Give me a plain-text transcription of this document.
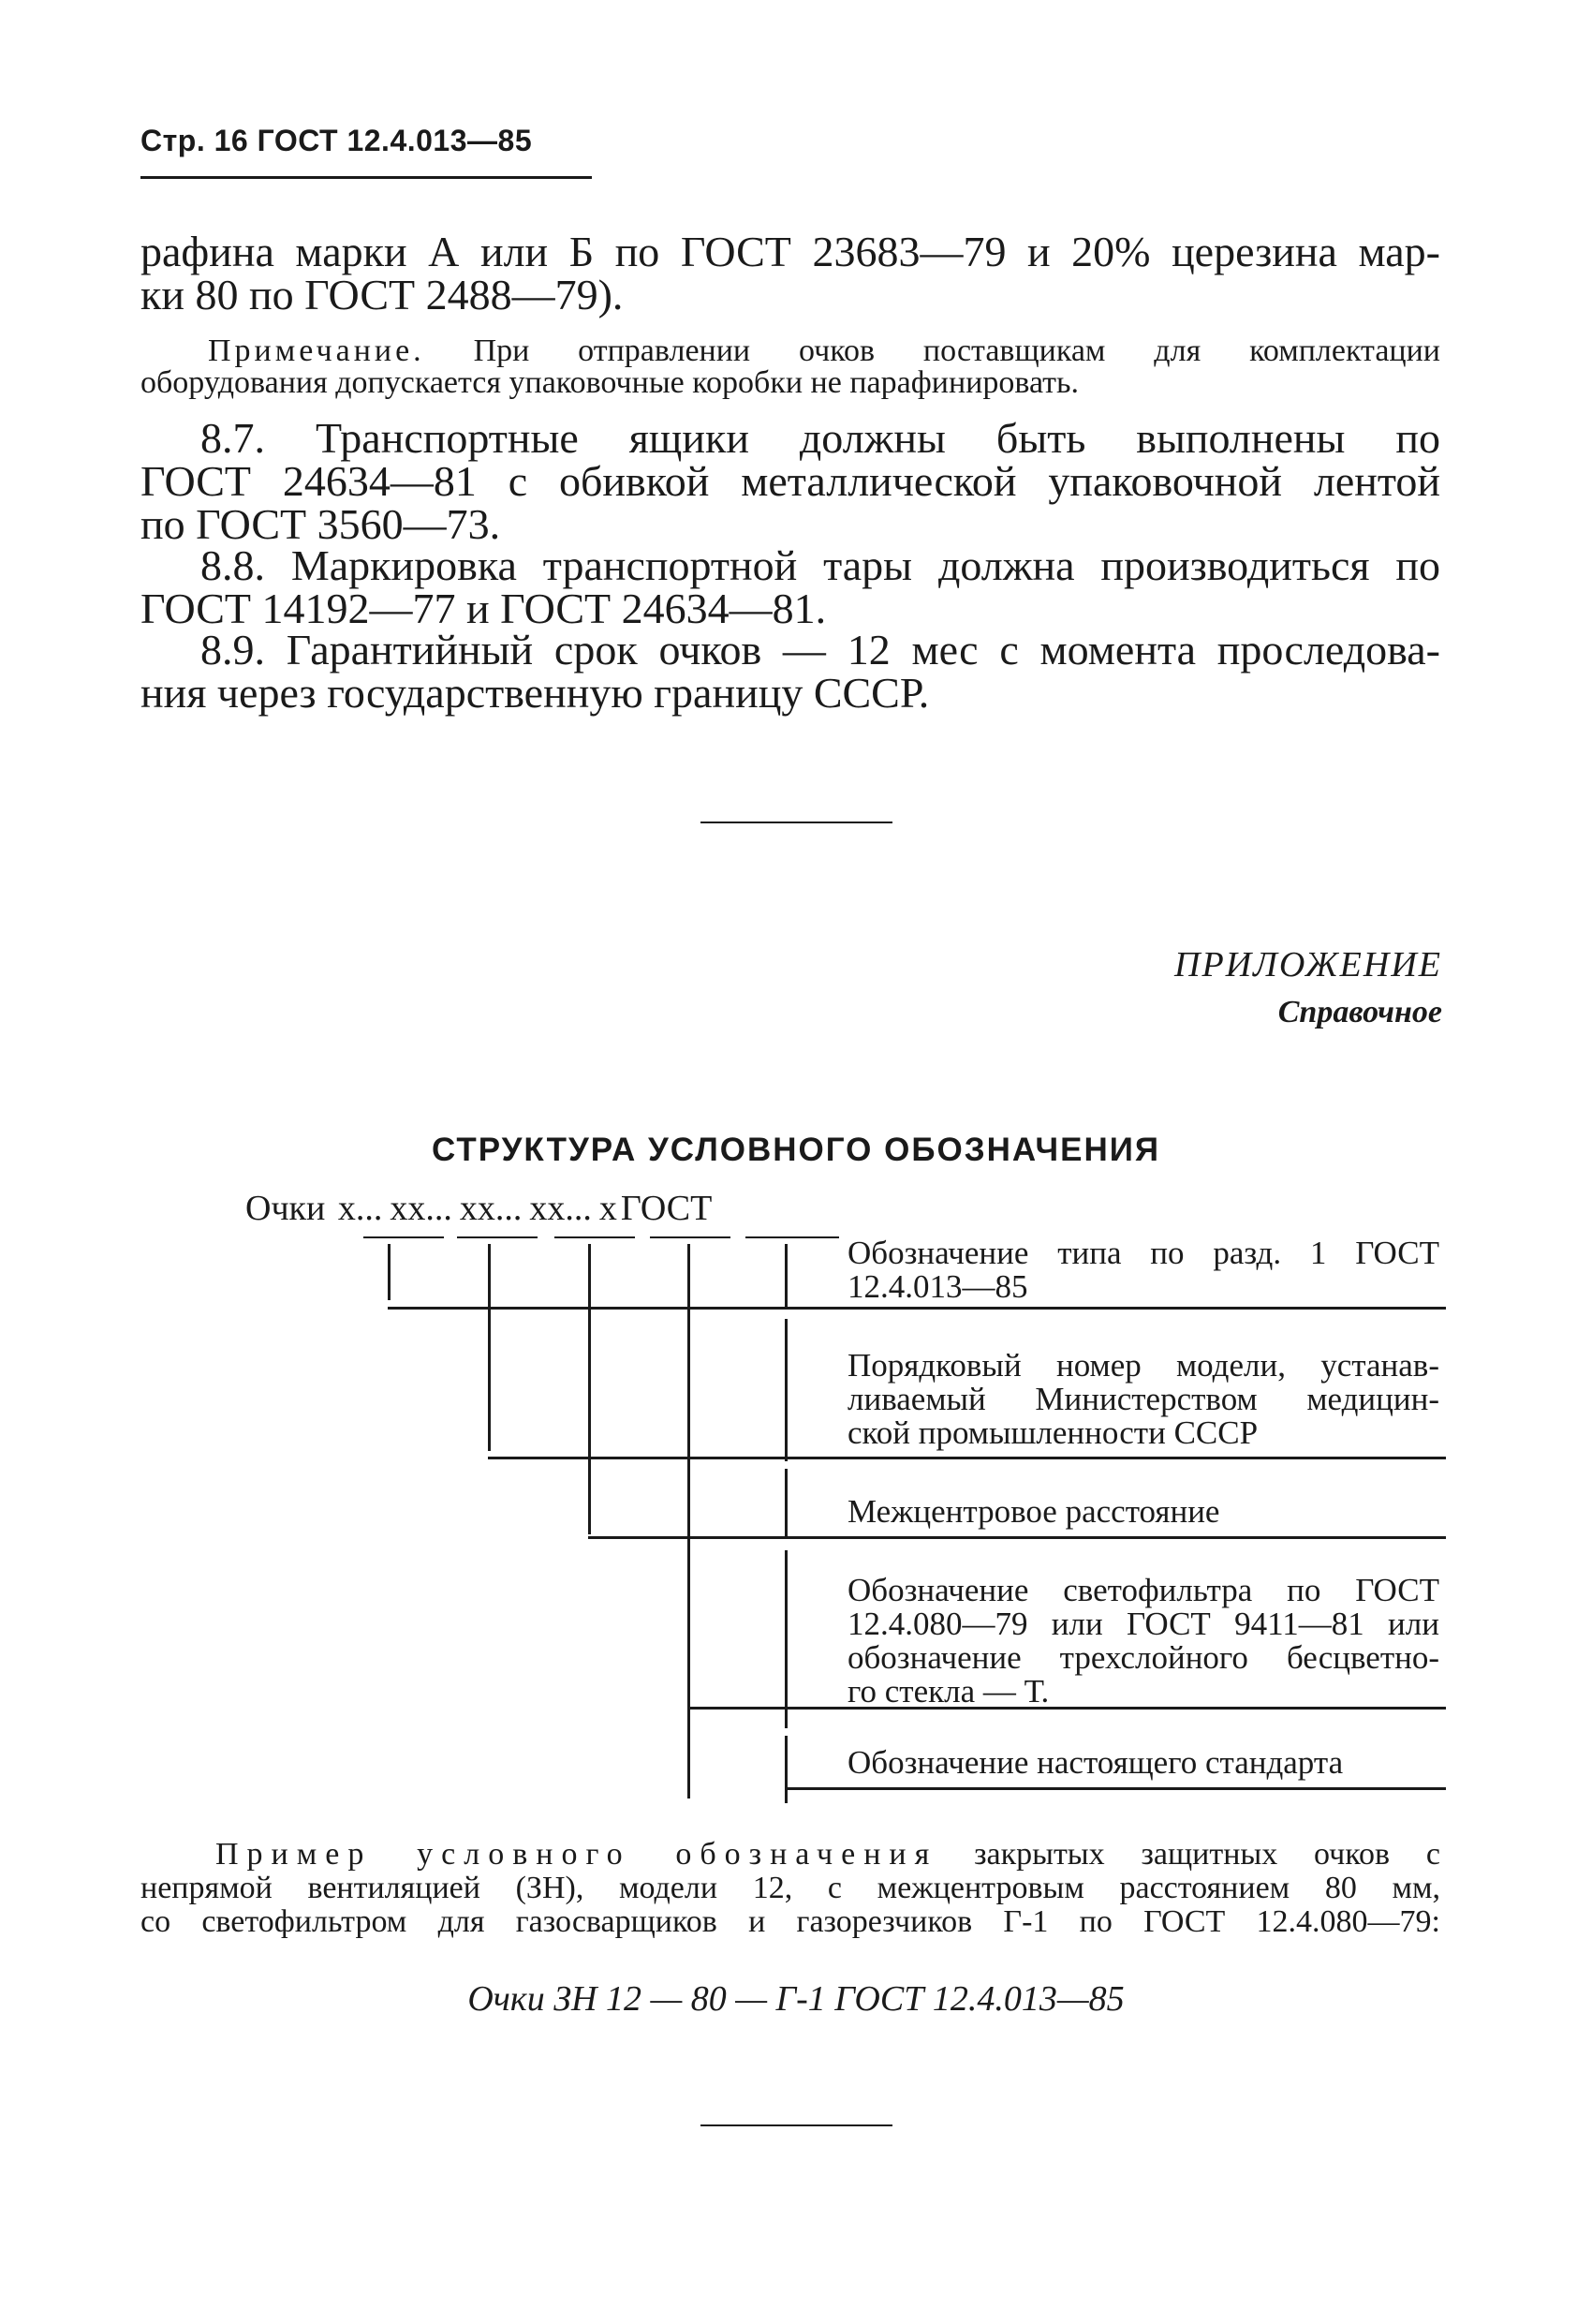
Стр. 16 ГОСТ 12.4.013—85
рафина марки А или Б по ГОСТ 23683—79 и 20% церезина мар-
ки 80 по ГОСТ 2488—79).
Примечание. При отправлении очков поставщикам для комплектации
оборудования допускается упаковочные коробки не парафинировать.
8.7. Транспортные ящики должны быть выполнены по
ГОСТ 24634—81 с обивкой металлической упаковочной лентой
по ГОСТ 3560—73.
8.8. Маркировка транспортной тары должна производиться по
ГОСТ 14192—77 и ГОСТ 24634—81.
8.9. Гарантийный срок очков — 12 мес с момента проследова-
ния через государственную границу СССР.
ПРИЛОЖЕНИЕ
Справочное
СТРУКТУРА УСЛОВНОГО ОБОЗНАЧЕНИЯ
Очки x... xx... xx... xx... x ГОСТ
Обозначение типа по разд. 1 ГОСТ
12.4.013—85
Порядковый номер модели, устанав-
ливаемый Министерством медицин-
ской промышленности СССР
Межцентровое расстояние
Обозначение светофильтра по ГОСТ
12.4.080—79 или ГОСТ 9411—81 или
обозначение трехслойного бесцветно-
го стекла — Т.
Обозначение настоящего стандарта
Пример условного обозначения закрытых защитных очков с
непрямой вентиляцией (ЗН), модели 12, с межцентровым расстоянием 80 мм,
со светофильтром для газосварщиков и газорезчиков Г-1 по ГОСТ 12.4.080—79:
Очки ЗН 12 — 80 — Г-1 ГОСТ 12.4.013—85
